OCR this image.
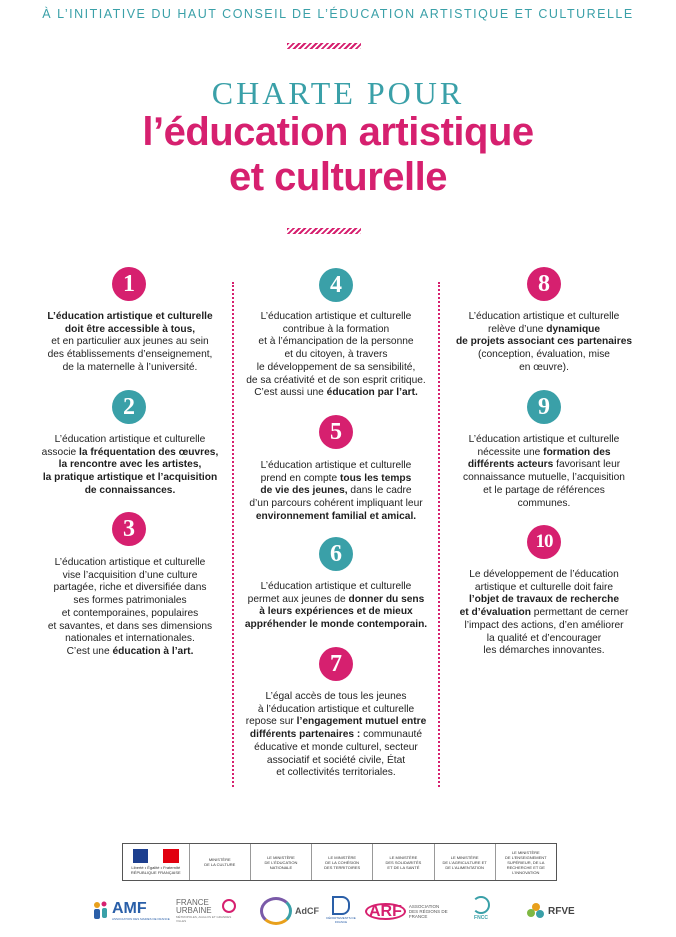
À L’INITIATIVE DU HAUT CONSEIL DE L’ÉDUCATION ARTISTIQUE ET CULTURELLE
CHARTE POUR
l’éducation artistique
et culturelle
1
L’éducation artistique et culturelle
doit être accessible à tous,
et en particulier aux jeunes au sein
des établissements d’enseignement,
de la maternelle à l’université.
2
L’éducation artistique et culturelle
associe la fréquentation des œuvres,
la rencontre avec les artistes,
la pratique artistique et l’acquisition
de connaissances.
3
L’éducation artistique et culturelle
vise l’acquisition d’une culture
partagée, riche et diversifiée dans
ses formes patrimoniales
et contemporaines, populaires
et savantes, et dans ses dimensions
nationales et internationales.
C’est une éducation à l’art.
4
L’éducation artistique et culturelle
contribue à la formation
et à l’émancipation de la personne
et du citoyen, à travers
le développement de sa sensibilité,
de sa créativité et de son esprit critique.
C’est aussi une éducation par l’art.
5
L’éducation artistique et culturelle
prend en compte tous les temps
de vie des jeunes, dans le cadre
d’un parcours cohérent impliquant leur
environnement familial et amical.
6
L’éducation artistique et culturelle
permet aux jeunes de donner du sens
à leurs expériences et de mieux
appréhender le monde contemporain.
7
L’égal accès de tous les jeunes
à l’éducation artistique et culturelle
repose sur l’engagement mutuel entre
différents partenaires : communauté
éducative et monde culturel, secteur
associatif et société civile, État
et collectivités territoriales.
8
L’éducation artistique et culturelle
relève d’une dynamique
de projets associant ces partenaires
(conception, évaluation, mise
en œuvre).
9
L’éducation artistique et culturelle
nécessite une formation des
différents acteurs favorisant leur
connaissance mutuelle, l’acquisition
et le partage de références
communes.
10
Le développement de l’éducation
artistique et culturelle doit faire
l’objet de travaux de recherche
et d’évaluation permettant de cerner
l’impact des actions, d’en améliorer
la qualité et d’encourager
les démarches innovantes.
Liberté • Égalité • Fraternité
RÉPUBLIQUE FRANÇAISE
MINISTÈRE
DE LA CULTURE
LE MINISTÈRE
DE L’ÉDUCATION
NATIONALE
LE MINISTÈRE
DE LA COHÉSION
DES TERRITOIRES
LE MINISTÈRE
DES SOLIDARITÉS
ET DE LA SANTÉ
LE MINISTÈRE
DE L’AGRICULTURE ET
DE L’ALIMENTATION
LE MINISTÈRE
DE L’ENSEIGNEMENT
SUPÉRIEUR, DE LA
RECHERCHE ET DE
L’INNOVATION
AMF
ASSOCIATION DES MAIRES DE FRANCE
FRANCE URBAINE
MÉTROPOLES, AGGLOS ET GRANDES VILLES
AdCF
DÉPARTEMENTS DE FRANCE
ARF	ASSOCIATION DES RÉGIONS DE FRANCE	FNCC
RFVE
